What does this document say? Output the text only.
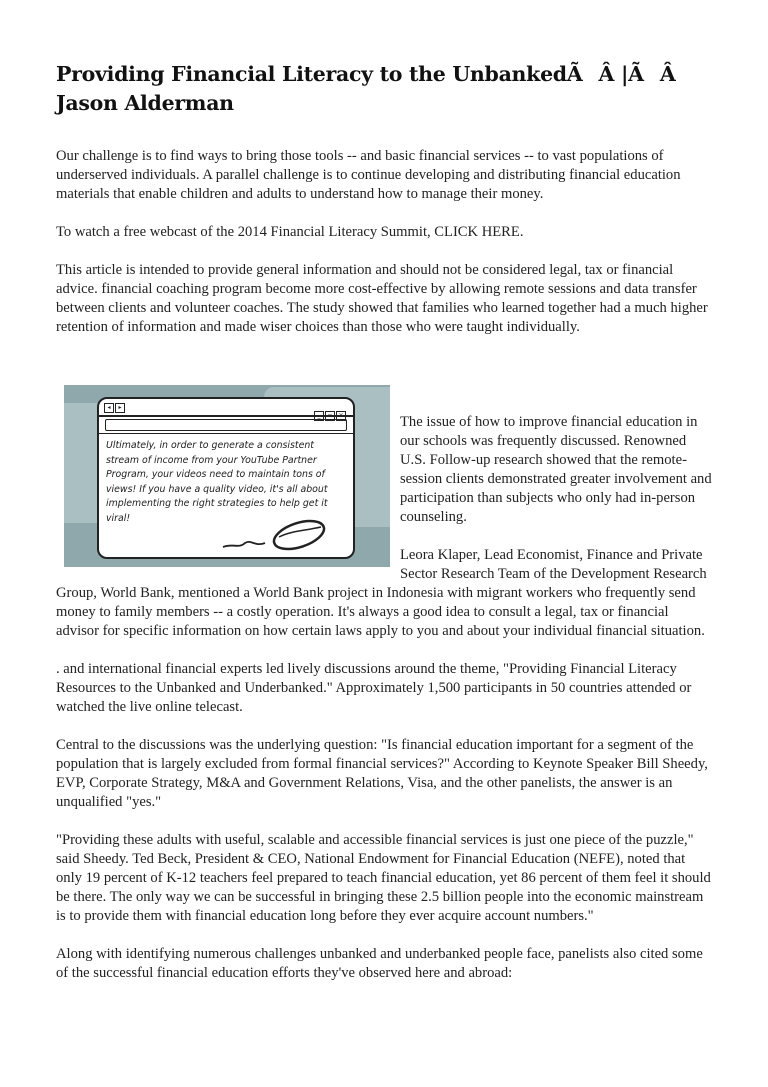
Providing Financial Literacy to the UnbankedÃÂ |ÃÂ Jason Alderman

Our challenge is to find ways to bring those tools -- and basic financial services -- to vast populations of underserved individuals. A parallel challenge is to continue developing and distributing financial education materials that enable children and adults to understand how to manage their money.

To watch a free webcast of the 2014 Financial Literacy Summit, CLICK HERE.

This article is intended to provide general information and should not be considered legal, tax or financial advice. financial coaching program become more cost-effective by allowing remote sessions and data transfer between clients and volunteer coaches. The study showed that families who learned together had a much higher retention of information and made wiser choices than those who were taught individually.

◂ ▸
_ ▫ ×
Ultimately, in order to generate a consistent stream of income from your YouTube Partner Program, your videos need to maintain tons of views! If you have a quality video, it's all about implementing the right strategies to help get it viral!

The issue of how to improve financial education in our schools was frequently discussed. Renowned U.S. Follow-up research showed that the remote-session clients demonstrated greater involvement and participation than subjects who only had in-person counseling.

Leora Klaper, Lead Economist, Finance and Private Sector Research Team of the Development Research Group, World Bank, mentioned a World Bank project in Indonesia with migrant workers who frequently send money to family members -- a costly operation. It's always a good idea to consult a legal, tax or financial advisor for specific information on how certain laws apply to you and about your individual financial situation.

. and international financial experts led lively discussions around the theme, "Providing Financial Literacy Resources to the Unbanked and Underbanked." Approximately 1,500 participants in 50 countries attended or watched the live online telecast.

Central to the discussions was the underlying question: "Is financial education important for a segment of the population that is largely excluded from formal financial services?" According to Keynote Speaker Bill Sheedy, EVP, Corporate Strategy, M&A and Government Relations, Visa, and the other panelists, the answer is an unqualified "yes."

"Providing these adults with useful, scalable and accessible financial services is just one piece of the puzzle," said Sheedy. Ted Beck, President & CEO, National Endowment for Financial Education (NEFE), noted that only 19 percent of K-12 teachers feel prepared to teach financial education, yet 86 percent of them feel it should be there. The only way we can be successful in bringing these 2.5 billion people into the economic mainstream is to provide them with financial education long before they ever acquire account numbers."

Along with identifying numerous challenges unbanked and underbanked people face, panelists also cited some of the successful financial education efforts they've observed here and abroad:
